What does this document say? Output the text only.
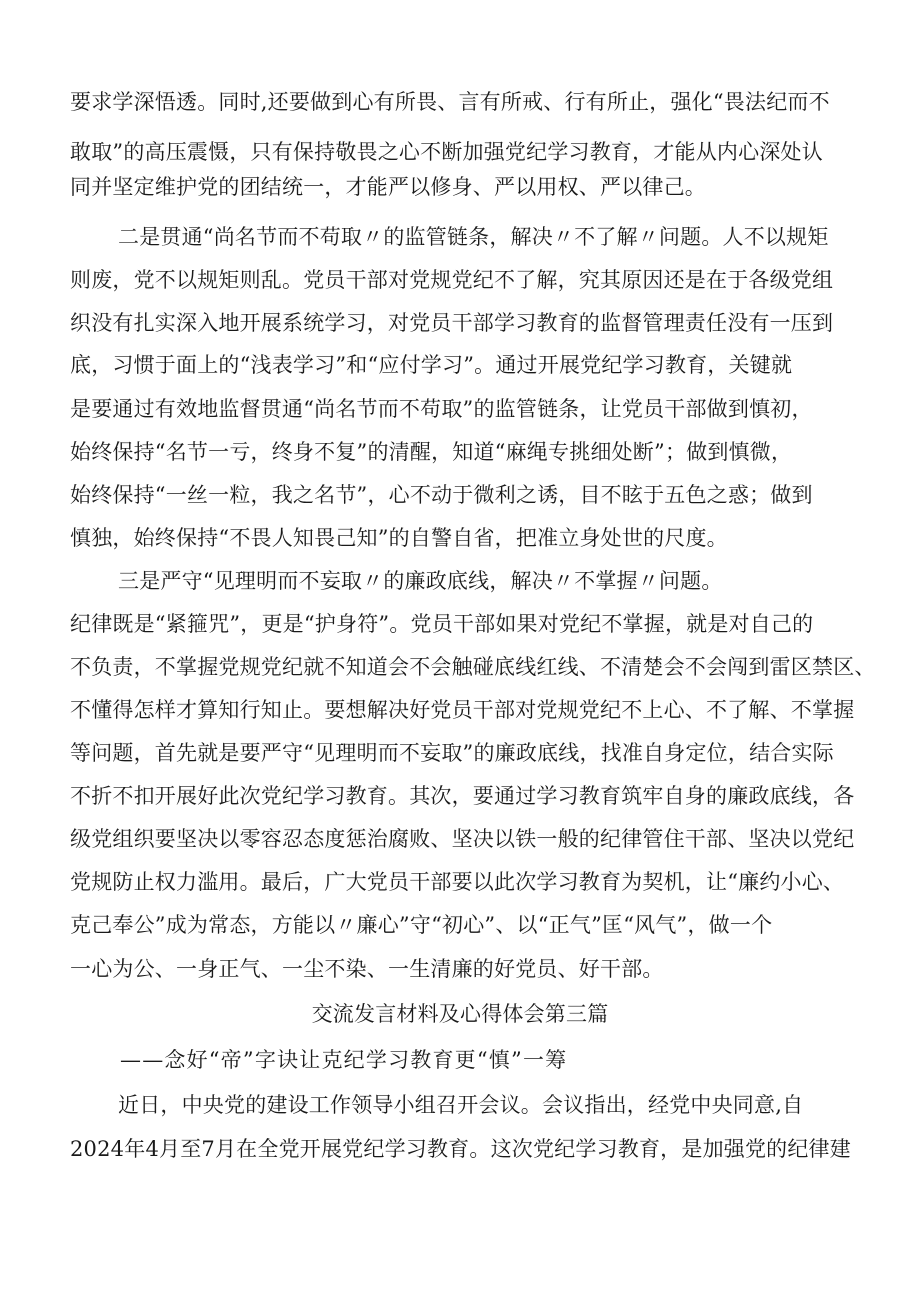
要求学深悟透。同时,还要做到心有所畏、言有所戒、行有所止，强化“畏法纪而不
敢取”的高压震慑，只有保持敬畏之心不断加强党纪学习教育，才能从内心深处认
同并坚定维护党的团结统一，才能严以修身、严以用权、严以律己。
二是贯通“尚名节而不苟取〃的监管链条，解决〃不了解〃问题。人不以规矩
则废，党不以规矩则乱。党员干部对党规党纪不了解，究其原因还是在于各级党组
织没有扎实深入地开展系统学习，对党员干部学习教育的监督管理责任没有一压到
底，习惯于面上的“浅表学习”和“应付学习”。通过开展党纪学习教育，关键就
是要通过有效地监督贯通“尚名节而不苟取”的监管链条，让党员干部做到慎初，
始终保持“名节一亏，终身不复”的清醒，知道“麻绳专挑细处断”；做到慎微，
始终保持“一丝一粒，我之名节”，心不动于微利之诱，目不眩于五色之惑；做到
慎独，始终保持“不畏人知畏己知”的自警自省，把准立身处世的尺度。
三是严守“见理明而不妄取〃的廉政底线，解决〃不掌握〃问题。
纪律既是“紧箍咒”，更是“护身符”。党员干部如果对党纪不掌握，就是对自己的
不负责，不掌握党规党纪就不知道会不会触碰底线红线、不清楚会不会闯到雷区禁区、
不懂得怎样才算知行知止。要想解决好党员干部对党规党纪不上心、不了解、不掌握
等问题，首先就是要严守“见理明而不妄取”的廉政底线，找准自身定位，结合实际
不折不扣开展好此次党纪学习教育。其次，要通过学习教育筑牢自身的廉政底线，各
级党组织要坚决以零容忍态度惩治腐败、坚决以铁一般的纪律管住干部、坚决以党纪
党规防止权力滥用。最后，广大党员干部要以此次学习教育为契机，让“廉约小心、
克己奉公”成为常态，方能以〃廉心”守“初心”、以“正气”匡“风气”，做一个
一心为公、一身正气、一尘不染、一生清廉的好党员、好干部。
交流发言材料及心得体会第三篇
——念好“帝”字诀让克纪学习教育更“慎”一筹
近日，中央党的建设工作领导小组召开会议。会议指出，经党中央同意,自
2024年4月至7月在全党开展党纪学习教育。这次党纪学习教育，是加强党的纪律建
